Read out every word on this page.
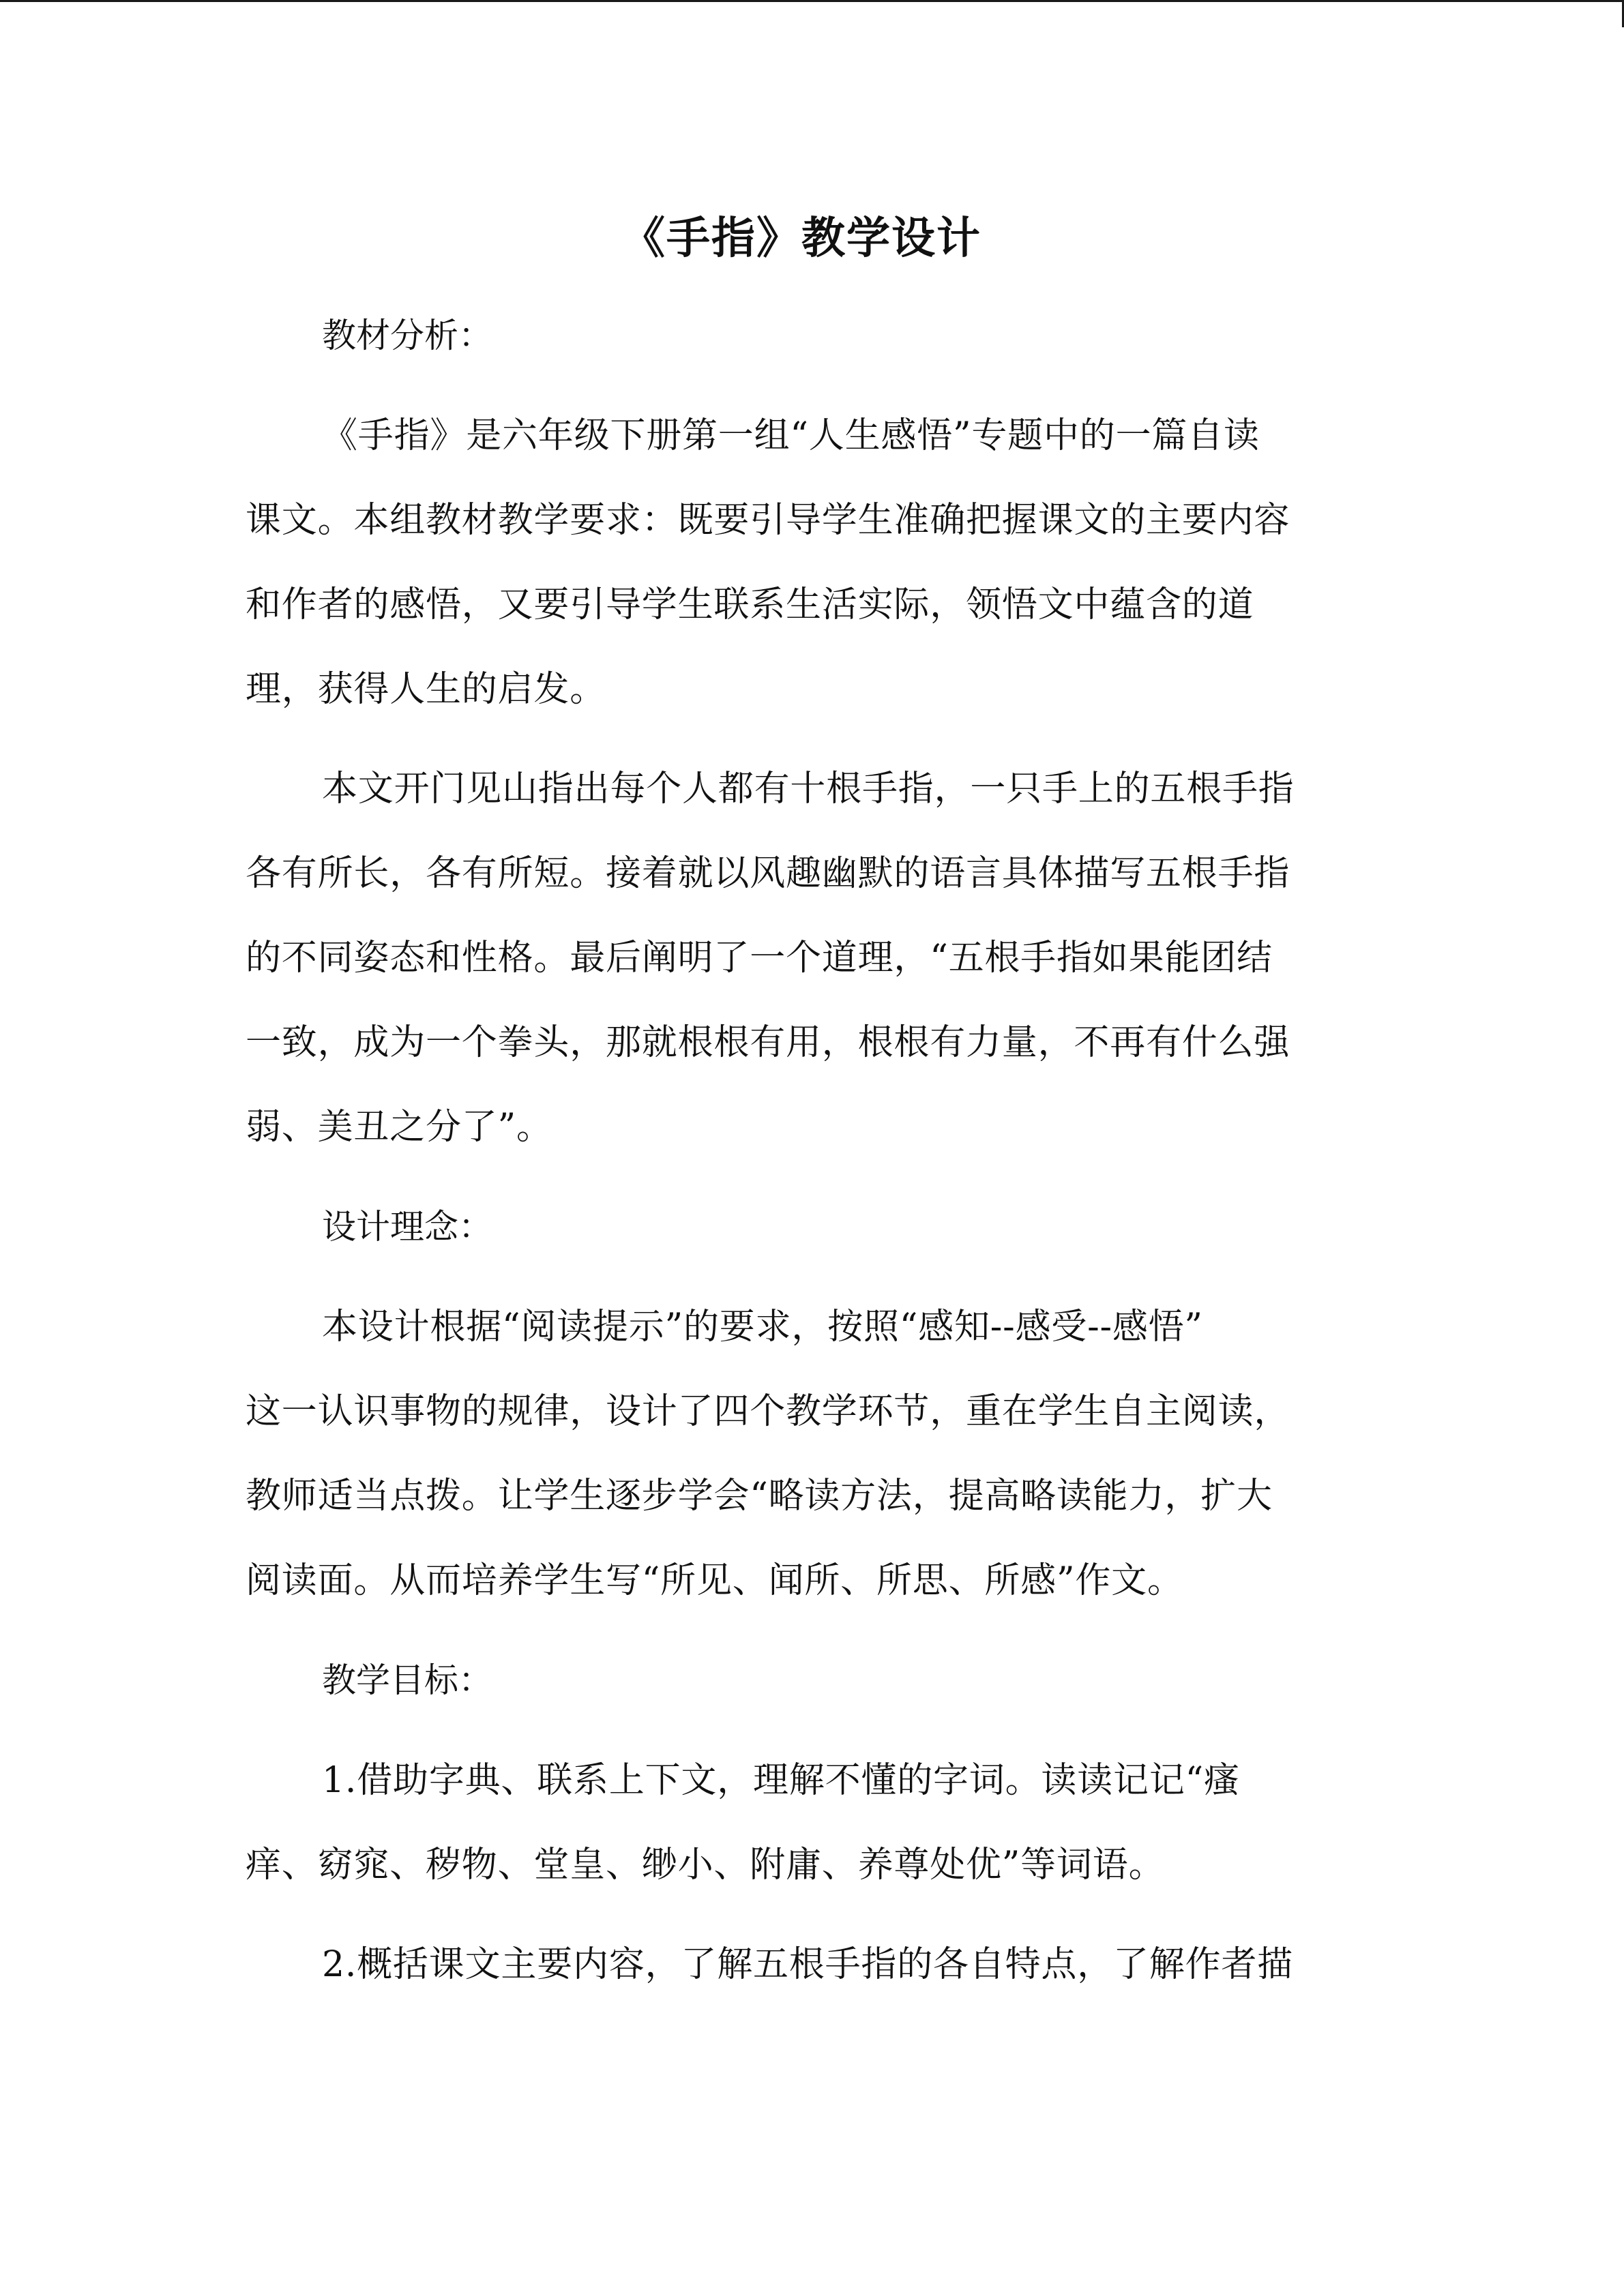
《手指》教学设计
教材分析：
《手指》是六年级下册第一组“人生感悟”专题中的一篇自读
课文。本组教材教学要求：既要引导学生准确把握课文的主要内容
和作者的感悟，又要引导学生联系生活实际，领悟文中蕴含的道
理，获得人生的启发。
本文开门见山指出每个人都有十根手指，一只手上的五根手指
各有所长，各有所短。接着就以风趣幽默的语言具体描写五根手指
的不同姿态和性格。最后阐明了一个道理，“五根手指如果能团结
一致，成为一个拳头，那就根根有用，根根有力量，不再有什么强
弱、美丑之分了”。
设计理念：
本设计根据“阅读提示”的要求，按照“感知--感受--感悟”
这一认识事物的规律，设计了四个教学环节，重在学生自主阅读，
教师适当点拨。让学生逐步学会“略读方法，提高略读能力，扩大
阅读面。从而培养学生写“所见、闻所、所思、所感”作文。
教学目标：
1.借助字典、联系上下文，理解不懂的字词。读读记记“瘙
痒、窈窕、秽物、堂皇、缈小、附庸、养尊处优”等词语。
2.概括课文主要内容，了解五根手指的各自特点，了解作者描
